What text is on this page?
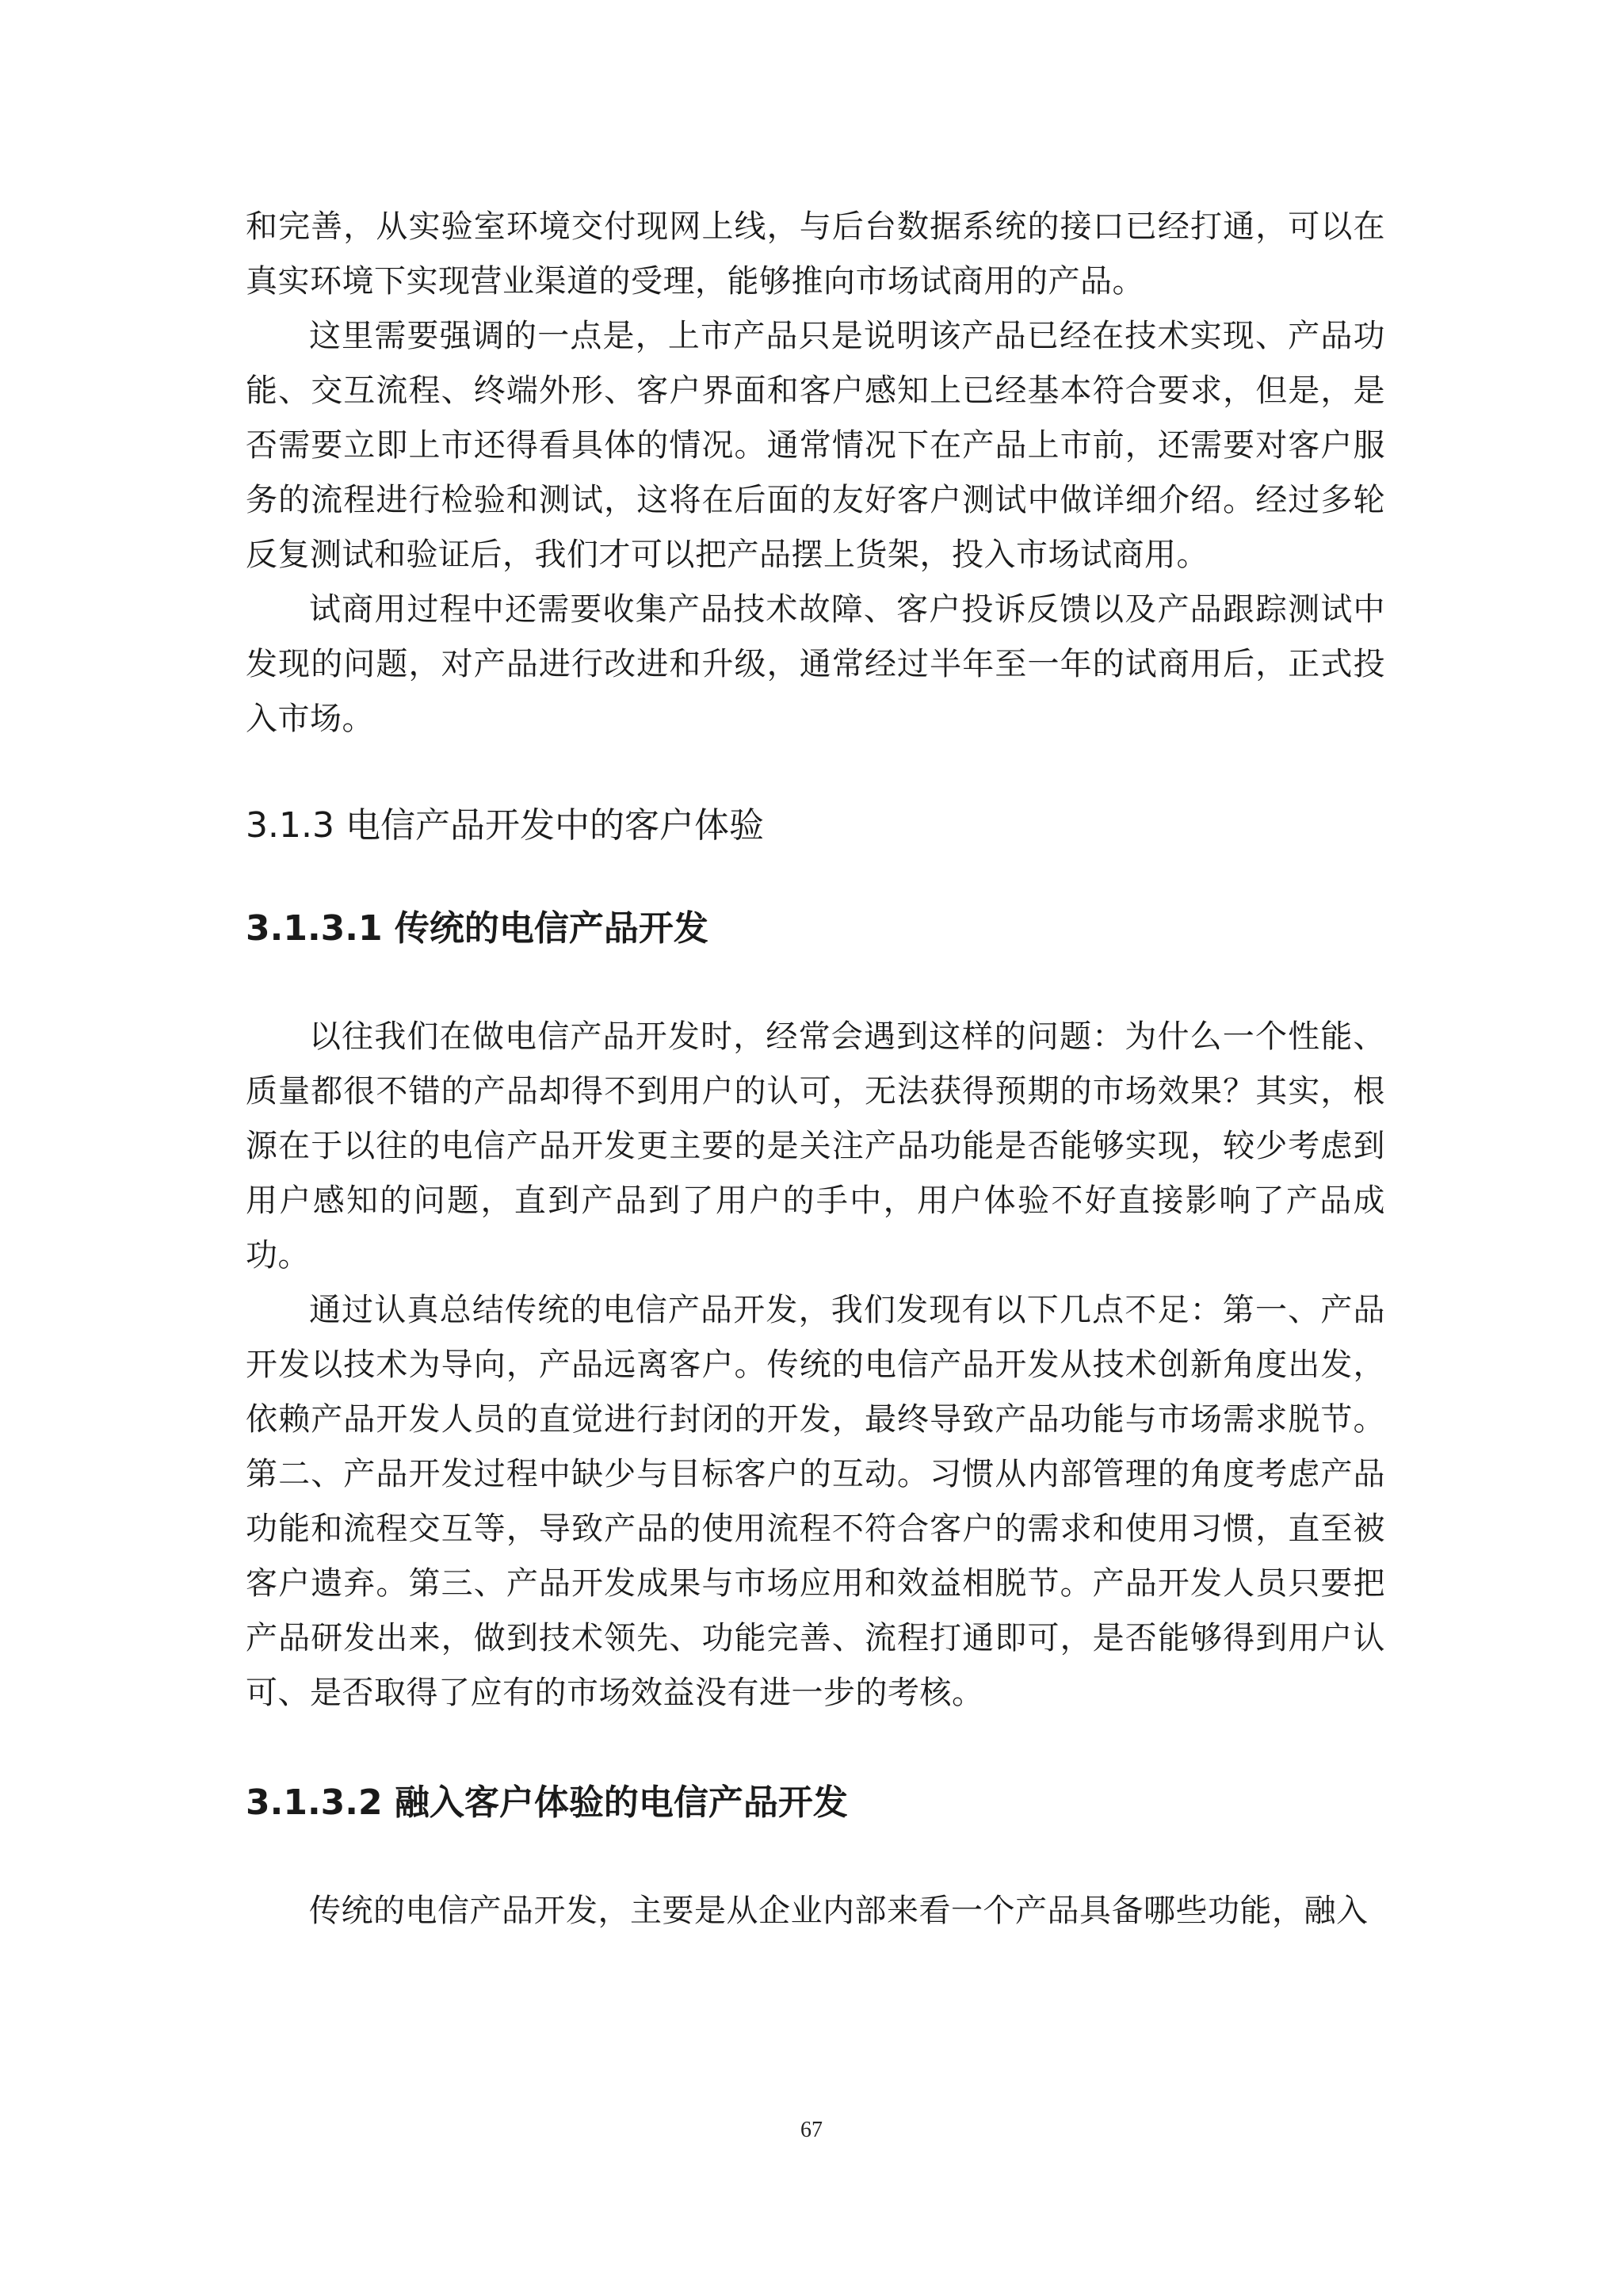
和完善，从实验室环境交付现网上线，与后台数据系统的接口已经打通，可以在真实环境下实现营业渠道的受理，能够推向市场试商用的产品。

这里需要强调的一点是，上市产品只是说明该产品已经在技术实现、产品功能、交互流程、终端外形、客户界面和客户感知上已经基本符合要求，但是，是否需要立即上市还得看具体的情况。通常情况下在产品上市前，还需要对客户服务的流程进行检验和测试，这将在后面的友好客户测试中做详细介绍。经过多轮反复测试和验证后，我们才可以把产品摆上货架，投入市场试商用。

试商用过程中还需要收集产品技术故障、客户投诉反馈以及产品跟踪测试中发现的问题，对产品进行改进和升级，通常经过半年至一年的试商用后，正式投入市场。

3.1.3 电信产品开发中的客户体验
3.1.3.1 传统的电信产品开发

以往我们在做电信产品开发时，经常会遇到这样的问题：为什么一个性能、质量都很不错的产品却得不到用户的认可，无法获得预期的市场效果？其实，根源在于以往的电信产品开发更主要的是关注产品功能是否能够实现，较少考虑到用户感知的问题，直到产品到了用户的手中，用户体验不好直接影响了产品成功。

通过认真总结传统的电信产品开发，我们发现有以下几点不足：第一、产品开发以技术为导向，产品远离客户。传统的电信产品开发从技术创新角度出发，依赖产品开发人员的直觉进行封闭的开发，最终导致产品功能与市场需求脱节。第二、产品开发过程中缺少与目标客户的互动。习惯从内部管理的角度考虑产品功能和流程交互等，导致产品的使用流程不符合客户的需求和使用习惯，直至被客户遗弃。第三、产品开发成果与市场应用和效益相脱节。产品开发人员只要把产品研发出来，做到技术领先、功能完善、流程打通即可，是否能够得到用户认可、是否取得了应有的市场效益没有进一步的考核。

3.1.3.2 融入客户体验的电信产品开发

传统的电信产品开发，主要是从企业内部来看一个产品具备哪些功能，融入

67
